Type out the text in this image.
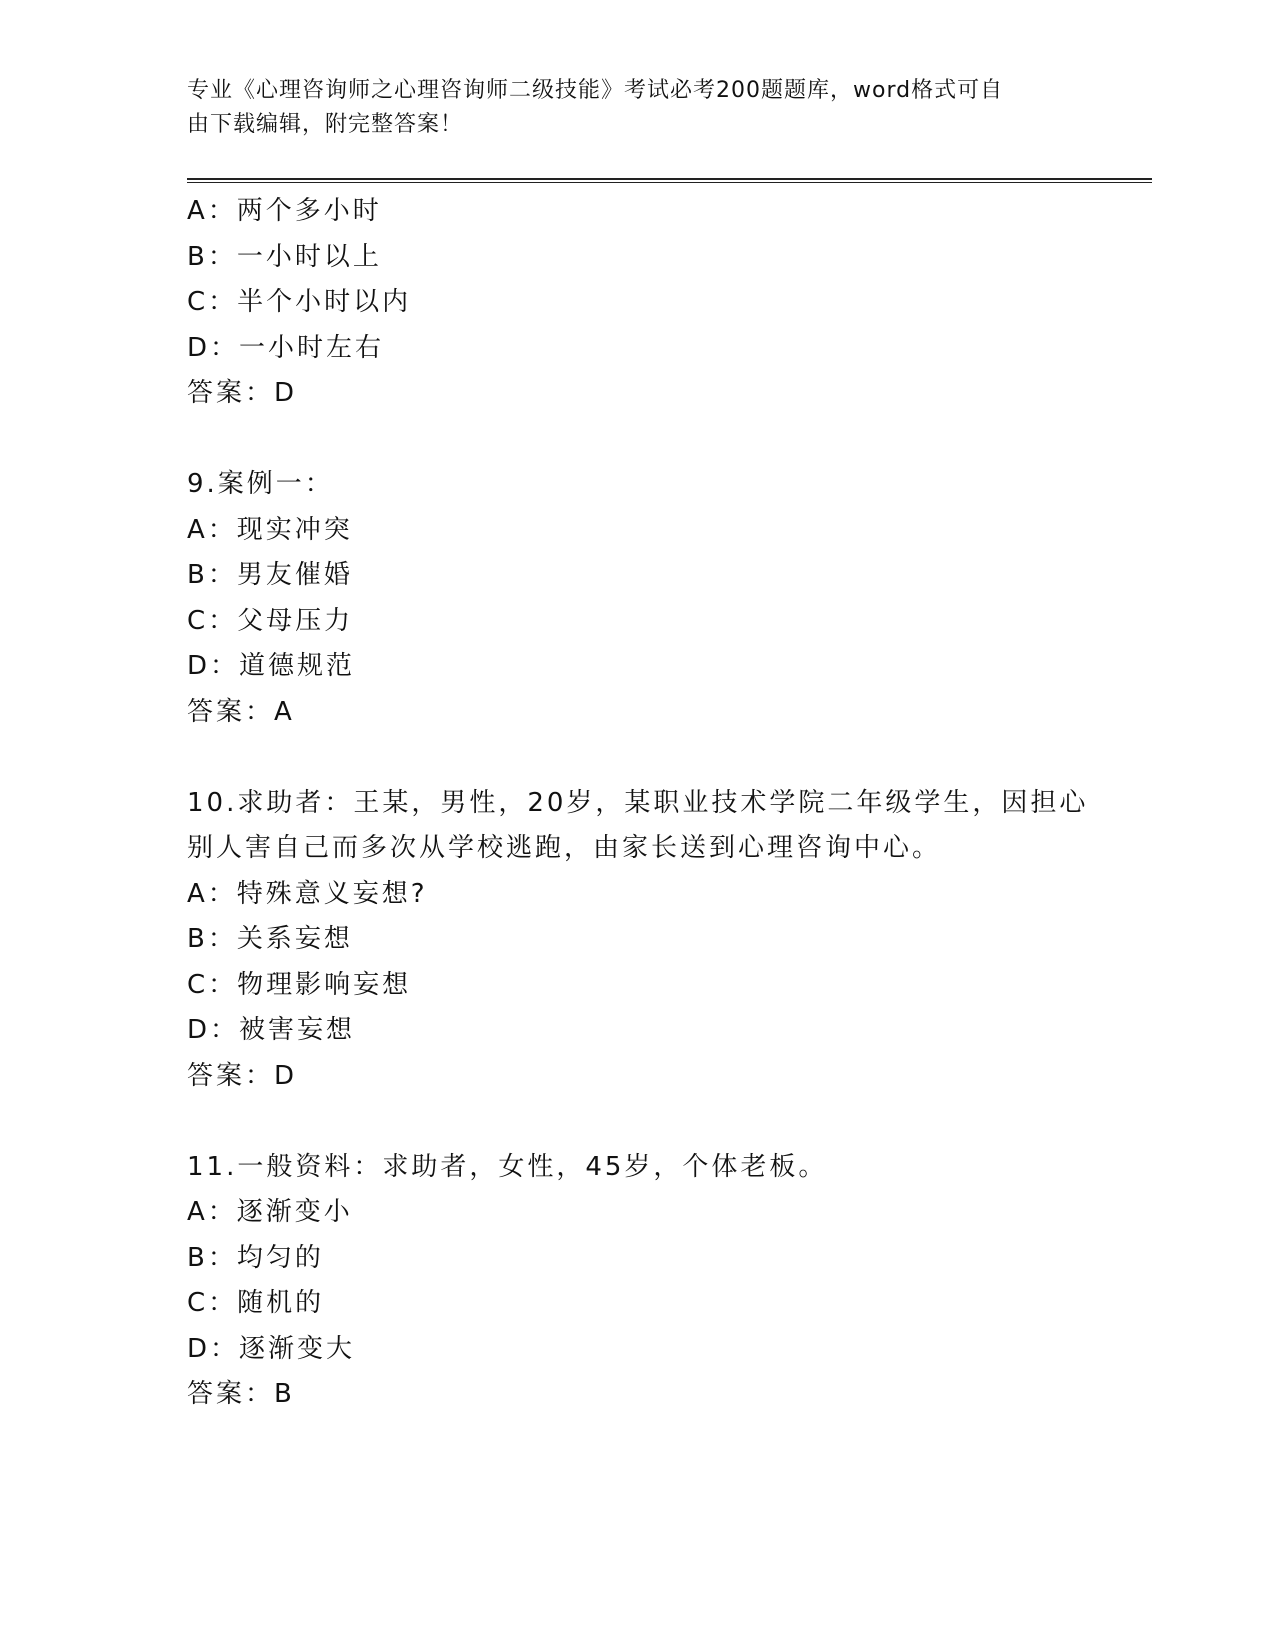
专业《心理咨询师之心理咨询师二级技能》考试必考200题题库，word格式可自
由下载编辑，附完整答案！
A：两个多小时
B：一小时以上
C：半个小时以内
D：一小时左右
答案：D
9.案例一：
A：现实冲突
B：男友催婚
C：父母压力
D：道德规范
答案：A
10.求助者：王某，男性，20岁，某职业技术学院二年级学生，因担心
别人害自己而多次从学校逃跑，由家长送到心理咨询中心。
A：特殊意义妄想?
B：关系妄想
C：物理影响妄想
D：被害妄想
答案：D
11.一般资料：求助者，女性，45岁，个体老板。
A：逐渐变小
B：均匀的
C：随机的
D：逐渐变大
答案：B
